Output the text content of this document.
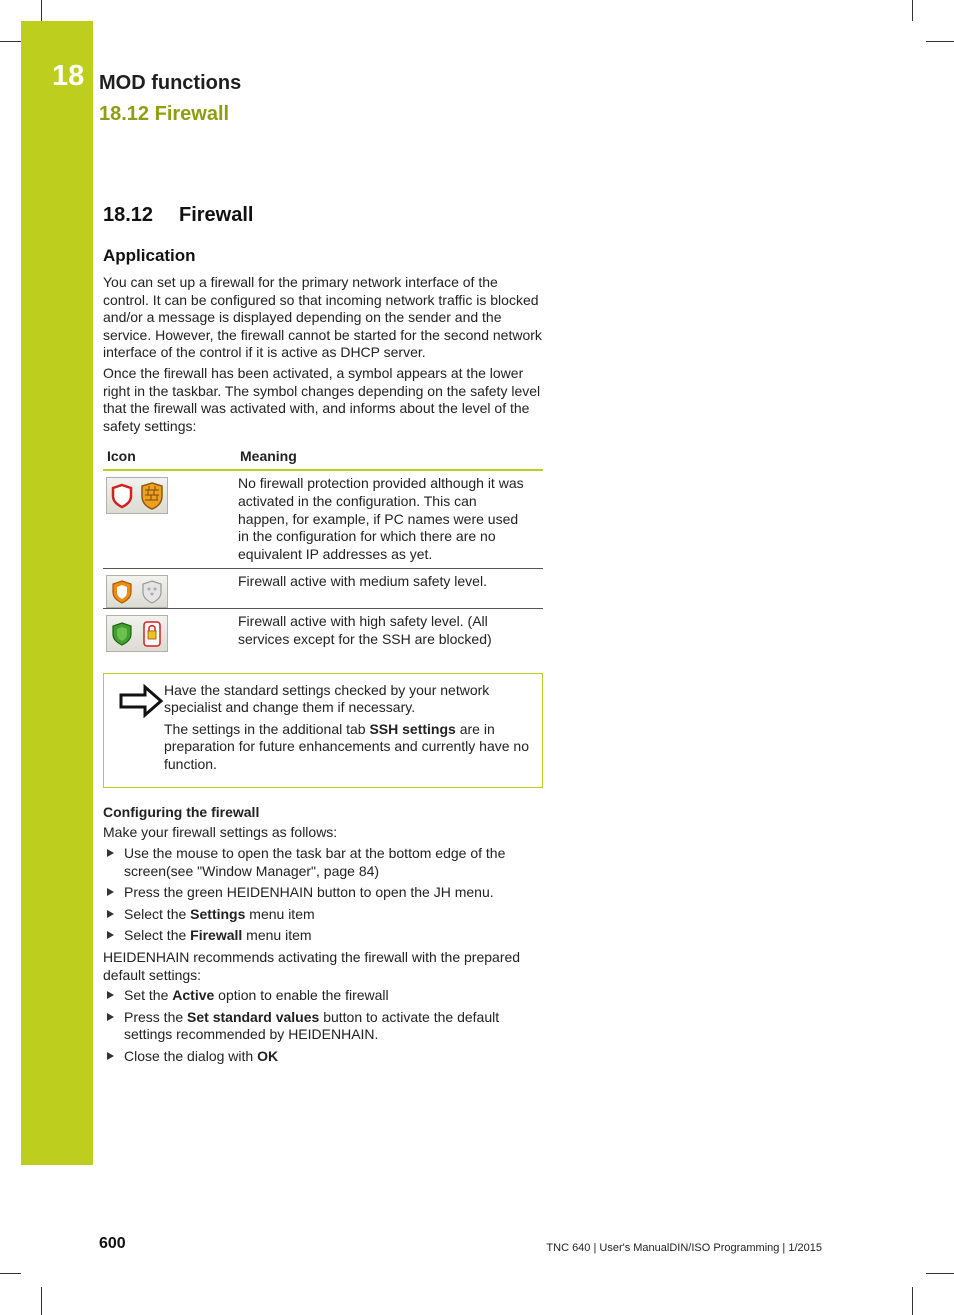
18 MOD functions
18.12 Firewall
18.12 Firewall
Application

You can set up a firewall for the primary network interface of the control. It can be configured so that incoming network traffic is blocked and/or a message is displayed depending on the sender and the service. However, the firewall cannot be started for the second network interface of the control if it is active as DHCP server.

Once the firewall has been activated, a symbol appears at the lower right in the taskbar. The symbol changes depending on the safety level that the firewall was activated with, and informs about the level of the safety settings:

Icon	Meaning

	No firewall protection provided although it was activated in the configuration. This can happen, for example, if PC names were used in the configuration for which there are no equivalent IP addresses as yet.

	Firewall active with medium safety level.

	Firewall active with high safety level. (All services except for the SSH are blocked)

Have the standard settings checked by your network specialist and change them if necessary.

The settings in the additional tab SSH settings are in preparation for future enhancements and currently have no function.

Configuring the firewall

Make your firewall settings as follows:

Use the mouse to open the task bar at the bottom edge of the screen(see "Window Manager", page 84)
Press the green HEIDENHAIN button to open the JH menu.
Select the Settings menu item
Select the Firewall menu item

HEIDENHAIN recommends activating the firewall with the prepared default settings:

Set the Active option to enable the firewall
Press the Set standard values button to activate the default settings recommended by HEIDENHAIN.
Close the dialog with OK
600	TNC 640 | User's ManualDIN/ISO Programming | 1/2015
